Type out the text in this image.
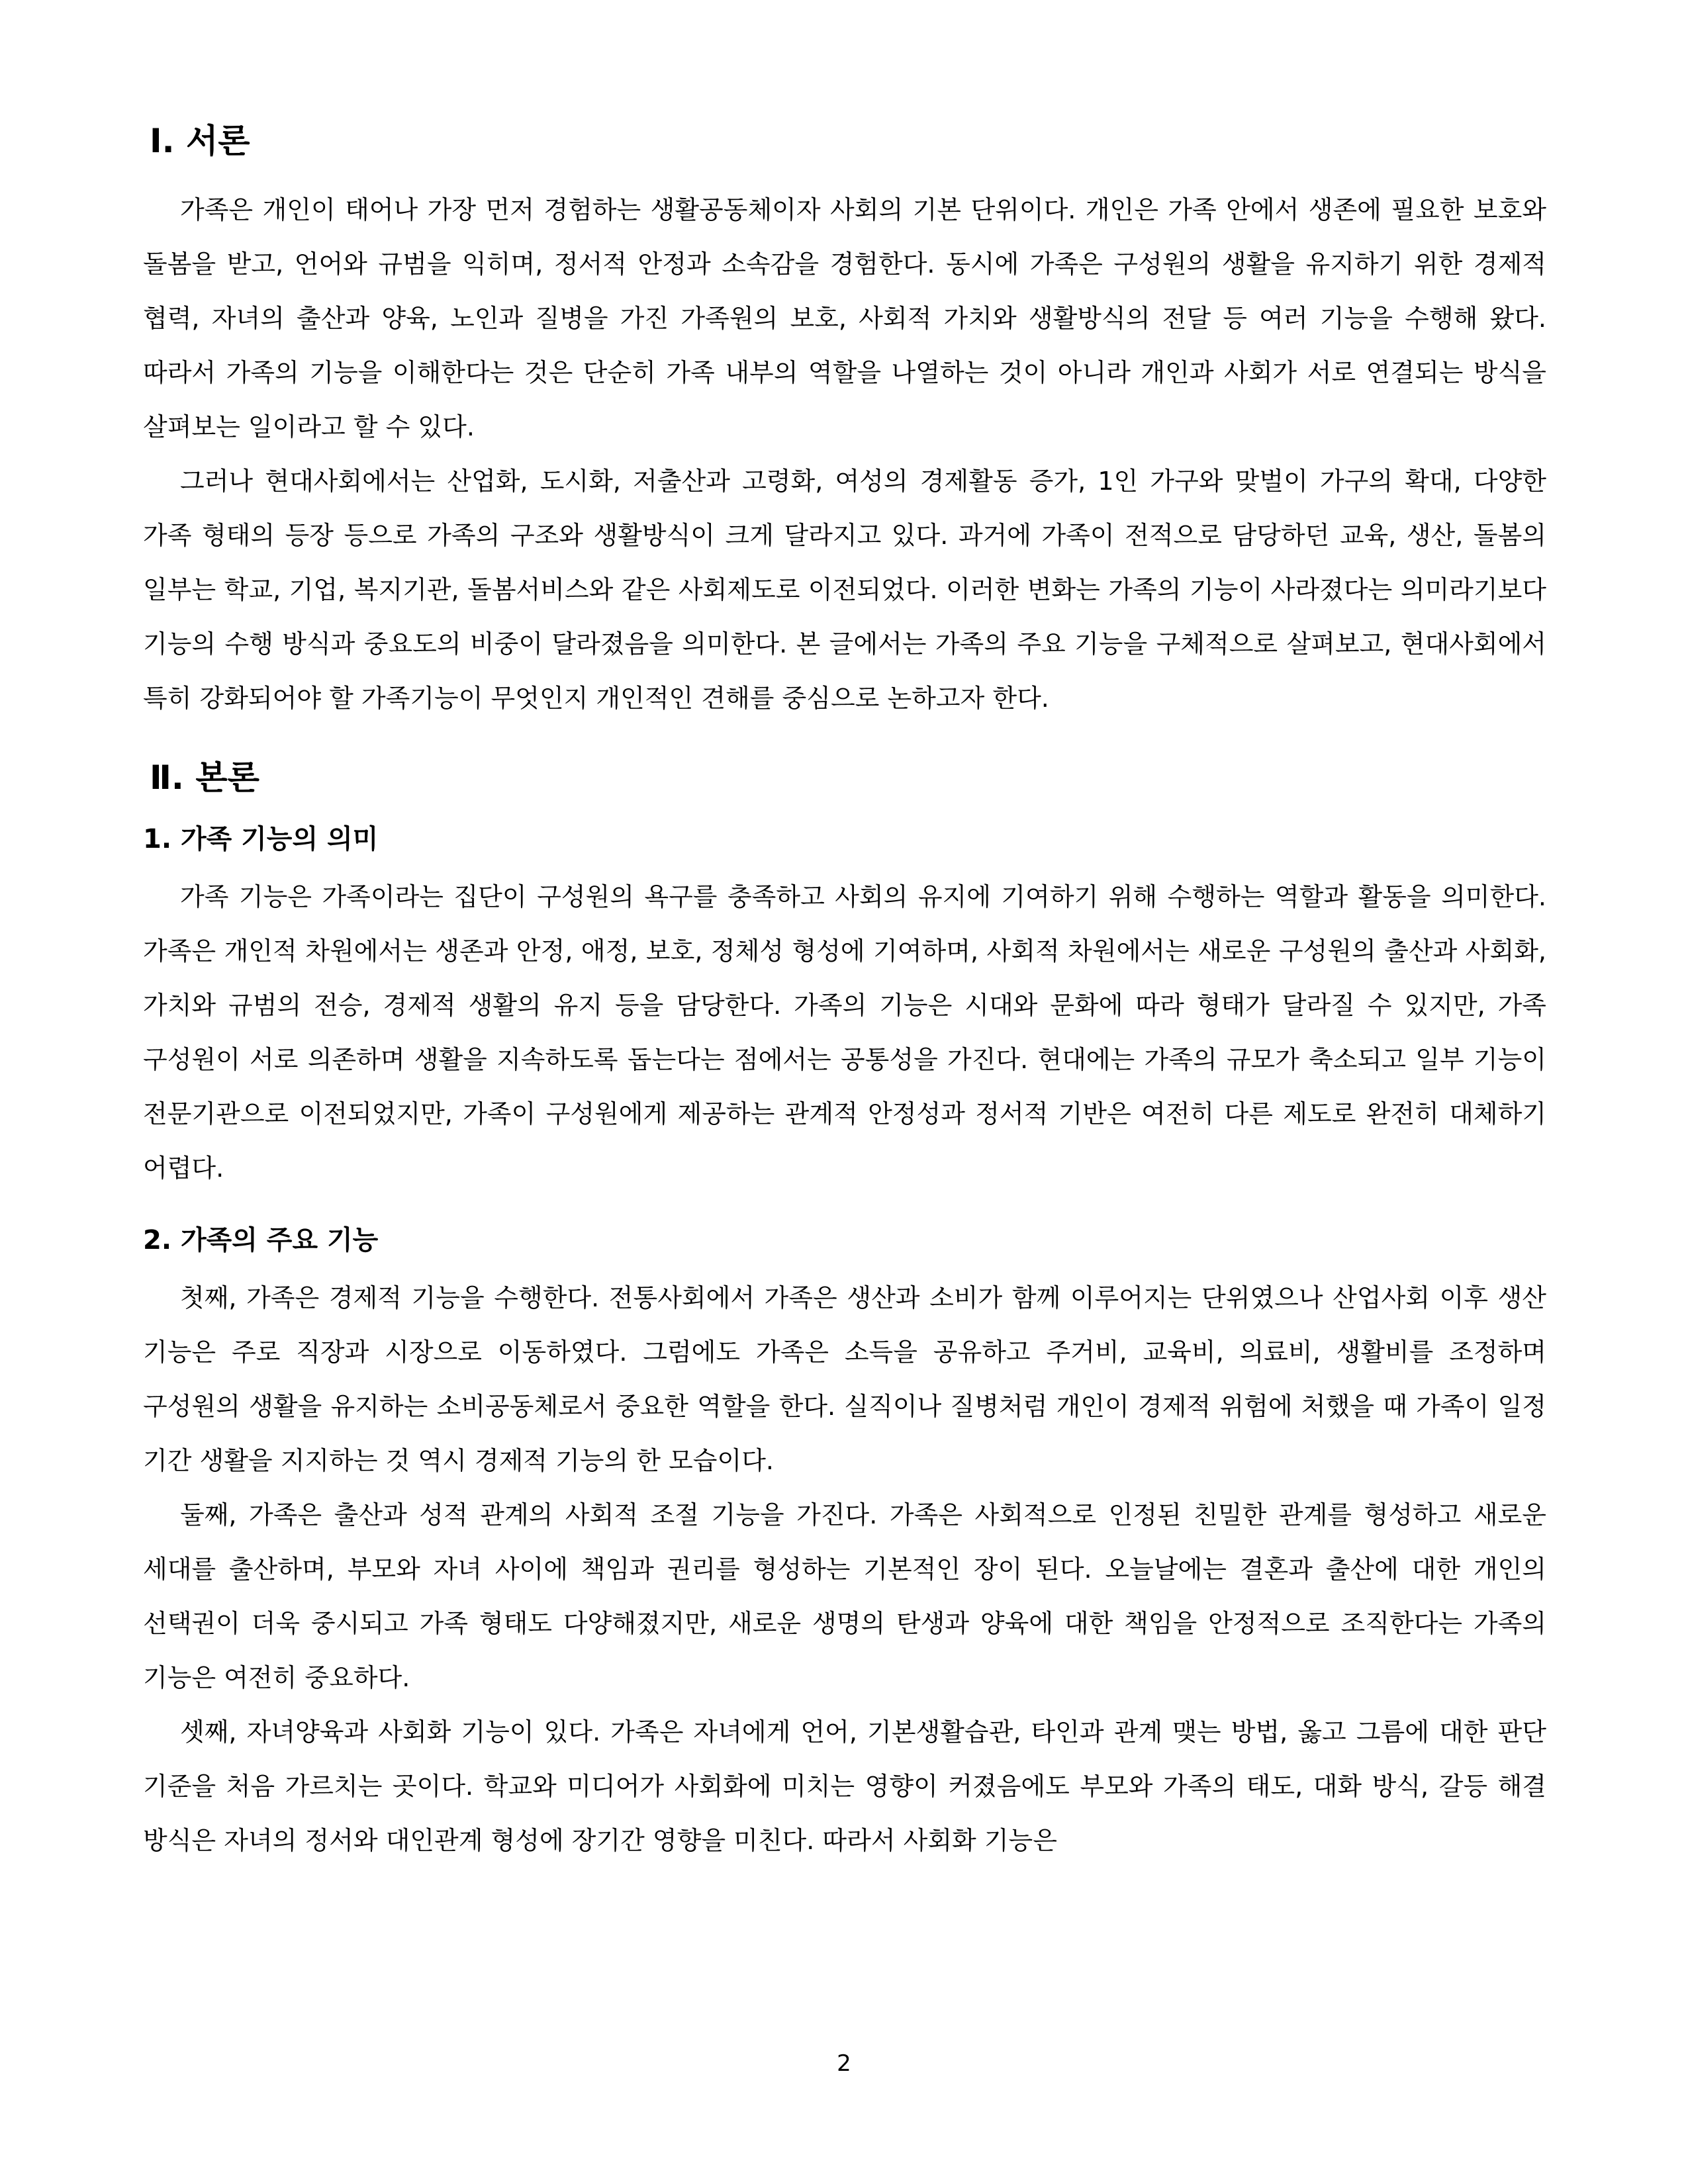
Ⅰ. 서론

가족은 개인이 태어나 가장 먼저 경험하는 생활공동체이자 사회의 기본 단위이다. 개인은 가족 안에서 생존에 필요한 보호와 돌봄을 받고, 언어와 규범을 익히며, 정서적 안정과 소속감을 경험한다. 동시에 가족은 구성원의 생활을 유지하기 위한 경제적 협력, 자녀의 출산과 양육, 노인과 질병을 가진 가족원의 보호, 사회적 가치와 생활방식의 전달 등 여러 기능을 수행해 왔다. 따라서 가족의 기능을 이해한다는 것은 단순히 가족 내부의 역할을 나열하는 것이 아니라 개인과 사회가 서로 연결되는 방식을 살펴보는 일이라고 할 수 있다.

그러나 현대사회에서는 산업화, 도시화, 저출산과 고령화, 여성의 경제활동 증가, 1인 가구와 맞벌이 가구의 확대, 다양한 가족 형태의 등장 등으로 가족의 구조와 생활방식이 크게 달라지고 있다. 과거에 가족이 전적으로 담당하던 교육, 생산, 돌봄의 일부는 학교, 기업, 복지기관, 돌봄서비스와 같은 사회제도로 이전되었다. 이러한 변화는 가족의 기능이 사라졌다는 의미라기보다 기능의 수행 방식과 중요도의 비중이 달라졌음을 의미한다. 본 글에서는 가족의 주요 기능을 구체적으로 살펴보고, 현대사회에서 특히 강화되어야 할 가족기능이 무엇인지 개인적인 견해를 중심으로 논하고자 한다.

Ⅱ. 본론
1. 가족 기능의 의미

가족 기능은 가족이라는 집단이 구성원의 욕구를 충족하고 사회의 유지에 기여하기 위해 수행하는 역할과 활동을 의미한다. 가족은 개인적 차원에서는 생존과 안정, 애정, 보호, 정체성 형성에 기여하며, 사회적 차원에서는 새로운 구성원의 출산과 사회화, 가치와 규범의 전승, 경제적 생활의 유지 등을 담당한다. 가족의 기능은 시대와 문화에 따라 형태가 달라질 수 있지만, 가족 구성원이 서로 의존하며 생활을 지속하도록 돕는다는 점에서는 공통성을 가진다. 현대에는 가족의 규모가 축소되고 일부 기능이 전문기관으로 이전되었지만, 가족이 구성원에게 제공하는 관계적 안정성과 정서적 기반은 여전히 다른 제도로 완전히 대체하기 어렵다.

2. 가족의 주요 기능

첫째, 가족은 경제적 기능을 수행한다. 전통사회에서 가족은 생산과 소비가 함께 이루어지는 단위였으나 산업사회 이후 생산 기능은 주로 직장과 시장으로 이동하였다. 그럼에도 가족은 소득을 공유하고 주거비, 교육비, 의료비, 생활비를 조정하며 구성원의 생활을 유지하는 소비공동체로서 중요한 역할을 한다. 실직이나 질병처럼 개인이 경제적 위험에 처했을 때 가족이 일정 기간 생활을 지지하는 것 역시 경제적 기능의 한 모습이다.

둘째, 가족은 출산과 성적 관계의 사회적 조절 기능을 가진다. 가족은 사회적으로 인정된 친밀한 관계를 형성하고 새로운 세대를 출산하며, 부모와 자녀 사이에 책임과 권리를 형성하는 기본적인 장이 된다. 오늘날에는 결혼과 출산에 대한 개인의 선택권이 더욱 중시되고 가족 형태도 다양해졌지만, 새로운 생명의 탄생과 양육에 대한 책임을 안정적으로 조직한다는 가족의 기능은 여전히 중요하다.

셋째, 자녀양육과 사회화 기능이 있다. 가족은 자녀에게 언어, 기본생활습관, 타인과 관계 맺는 방법, 옳고 그름에 대한 판단 기준을 처음 가르치는 곳이다. 학교와 미디어가 사회화에 미치는 영향이 커졌음에도 부모와 가족의 태도, 대화 방식, 갈등 해결 방식은 자녀의 정서와 대인관계 형성에 장기간 영향을 미친다. 따라서 사회화 기능은

2
